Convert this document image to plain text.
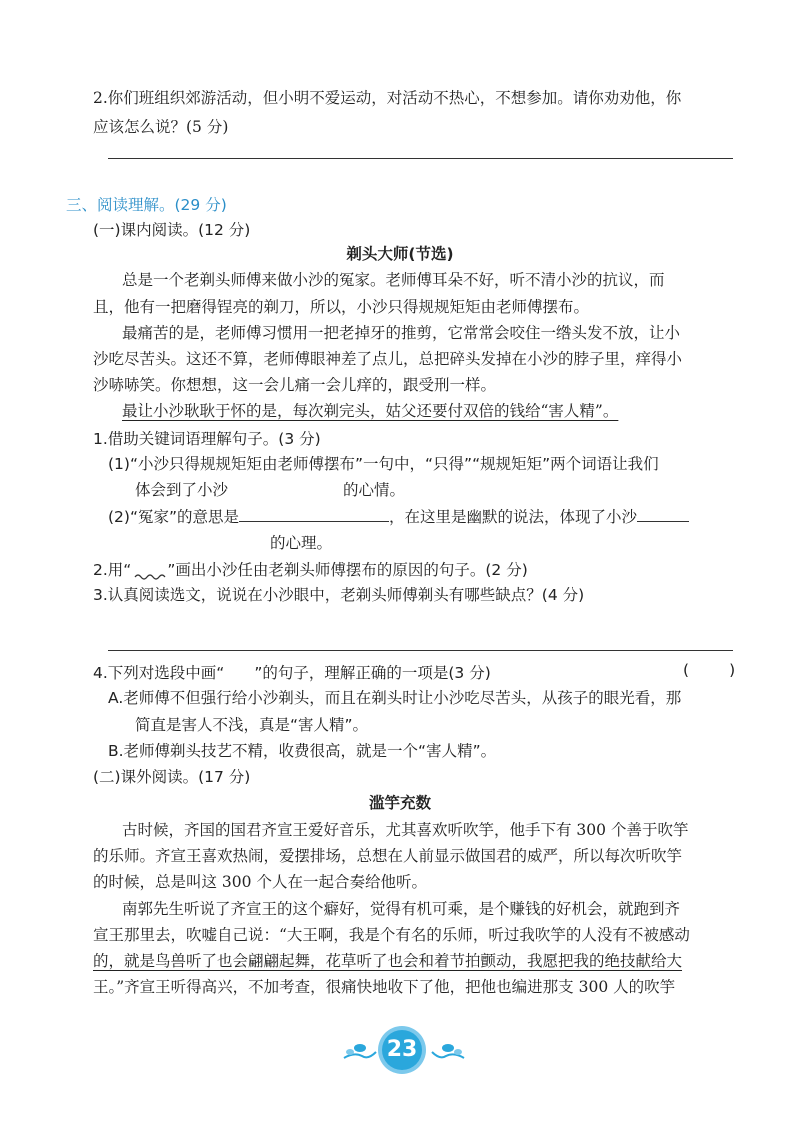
2.你们班组织郊游活动，但小明不爱运动，对活动不热心，不想参加。请你劝劝他，你
应该怎么说？(5 分)
三、阅读理解。(29 分)
(一)课内阅读。(12 分)
剃头大师(节选)
总是一个老剃头师傅来做小沙的冤家。老师傅耳朵不好，听不清小沙的抗议，而
且，他有一把磨得锃亮的剃刀，所以，小沙只得规规矩矩由老师傅摆布。
最痛苦的是，老师傅习惯用一把老掉牙的推剪，它常常会咬住一绺头发不放，让小
沙吃尽苦头。这还不算，老师傅眼神差了点儿，总把碎头发掉在小沙的脖子里，痒得小
沙哧哧笑。你想想，这一会儿痛一会儿痒的，跟受刑一样。
最让小沙耿耿于怀的是，每次剃完头，姑父还要付双倍的钱给“害人精”。
1.借助关键词语理解句子。(3 分)
(1)“小沙只得规规矩矩由老师傅摆布”一句中，“只得”“规规矩矩”两个词语让我们
体会到了小沙	的心情。
(2)“冤家”的意思是	，在这里是幽默的说法，体现了小沙
的心理。
2.用“ ”画出小沙任由老剃头师傅摆布的原因的句子。(2 分)
3.认真阅读选文，说说在小沙眼中，老剃头师傅剃头有哪些缺点？(4 分)
4.下列对选段中画“ ”的句子，理解正确的一项是(3 分)	(	)
A.老师傅不但强行给小沙剃头，而且在剃头时让小沙吃尽苦头，从孩子的眼光看，那
简直是害人不浅，真是“害人精”。
B.老师傅剃头技艺不精，收费很高，就是一个“害人精”。
(二)课外阅读。(17 分)
滥竽充数
古时候，齐国的国君齐宣王爱好音乐，尤其喜欢听吹竽，他手下有 300 个善于吹竽
的乐师。齐宣王喜欢热闹，爱摆排场，总想在人前显示做国君的威严，所以每次听吹竽
的时候，总是叫这 300 个人在一起合奏给他听。
南郭先生听说了齐宣王的这个癖好，觉得有机可乘，是个赚钱的好机会，就跑到齐
宣王那里去，吹嘘自己说：“大王啊，我是个有名的乐师，听过我吹竽的人没有不被感动
的，就是鸟兽听了也会翩翩起舞，花草听了也会和着节拍颤动，我愿把我的绝技献给大
王。”齐宣王听得高兴，不加考查，很痛快地收下了他，把他也编进那支 300 人的吹竽
23
